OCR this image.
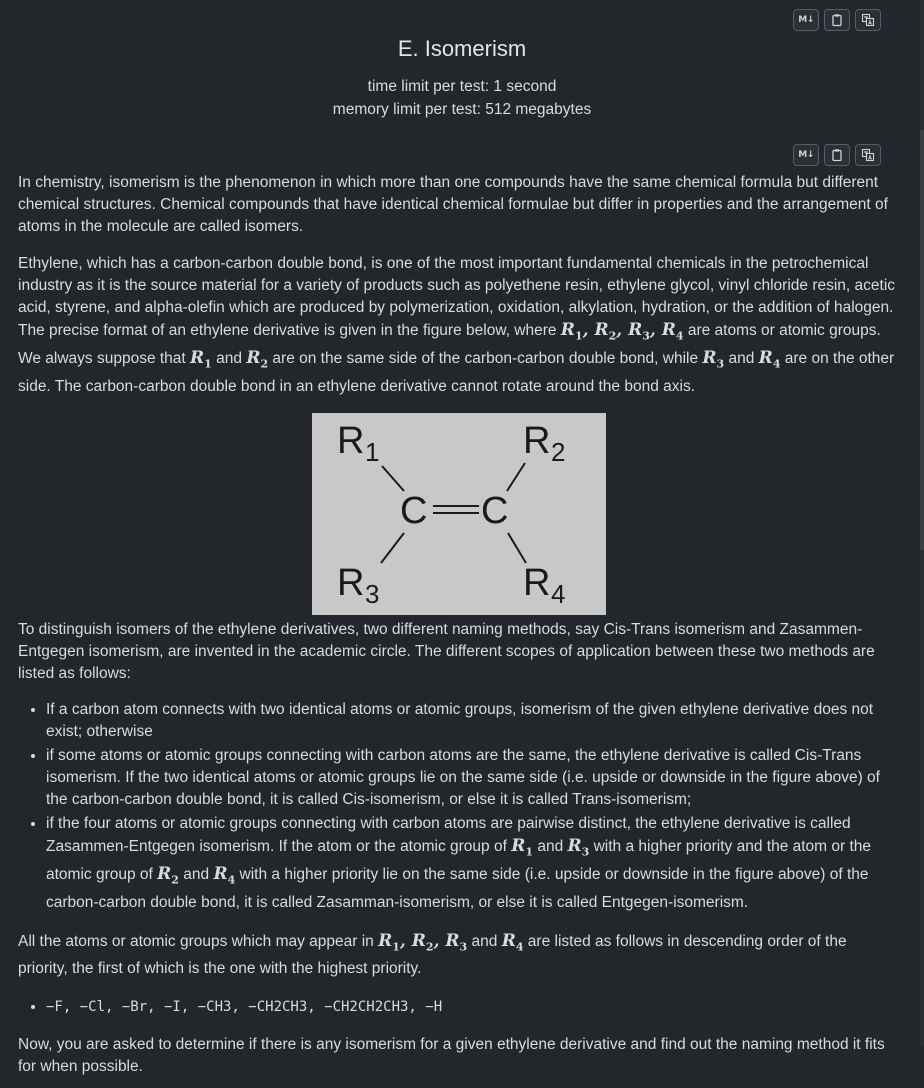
M↓
E. Isomerism
time limit per test: 1 second
memory limit per test: 512 megabytes
M↓

In chemistry, isomerism is the phenomenon in which more than one compounds have the same chemical formula but different chemical structures. Chemical compounds that have identical chemical formulae but differ in properties and the arrangement of atoms in the molecule are called isomers.

Ethylene, which has a carbon-carbon double bond, is one of the most important fundamental chemicals in the petrochemical industry as it is the source material for a variety of products such as polyethene resin, ethylene glycol, vinyl chloride resin, acetic acid, styrene, and alpha-olefin which are produced by polymerization, oxidation, alkylation, hydration, or the addition of halogen. The precise format of an ethylene derivative is given in the figure below, where $R_1$, $R_2$, $R_3$, $R_4$ are atoms or atomic groups. We always suppose that $R_1$ and $R_2$ are on the same side of the carbon-carbon double bond, while $R_3$ and $R_4$ are on the other side. The carbon-carbon double bond in an ethylene derivative cannot rotate around the bond axis.

R 1	R 2
R 3	R 4
C C

To distinguish isomers of the ethylene derivatives, two different naming methods, say Cis-Trans isomerism and Zasammen-Entgegen isomerism, are invented in the academic circle. The different scopes of application between these two methods are listed as follows:

• If a carbon atom connects with two identical atoms or atomic groups, isomerism of the given ethylene derivative does not exist; otherwise
• if some atoms or atomic groups connecting with carbon atoms are the same, the ethylene derivative is called Cis-Trans isomerism. If the two identical atoms or atomic groups lie on the same side (i.e. upside or downside in the figure above) of the carbon-carbon double bond, it is called Cis-isomerism, or else it is called Trans-isomerism;
• if the four atoms or atomic groups connecting with carbon atoms are pairwise distinct, the ethylene derivative is called Zasammen-Entgegen isomerism. If the atom or the atomic group of $R_1$ and $R_3$ with a higher priority and the atom or the atomic group of $R_2$ and $R_4$ with a higher priority lie on the same side (i.e. upside or downside in the figure above) of the carbon-carbon double bond, it is called Zasamman-isomerism, or else it is called Entgegen-isomerism.

All the atoms or atomic groups which may appear in $R_1$, $R_2$, $R_3$ and $R_4$ are listed as follows in descending order of the priority, the first of which is the one with the highest priority.

• −F, −Cl, −Br, −I, −CH3, −CH2CH3, −CH2CH2CH3, −H

Now, you are asked to determine if there is any isomerism for a given ethylene derivative and find out the naming method it fits for when possible.
